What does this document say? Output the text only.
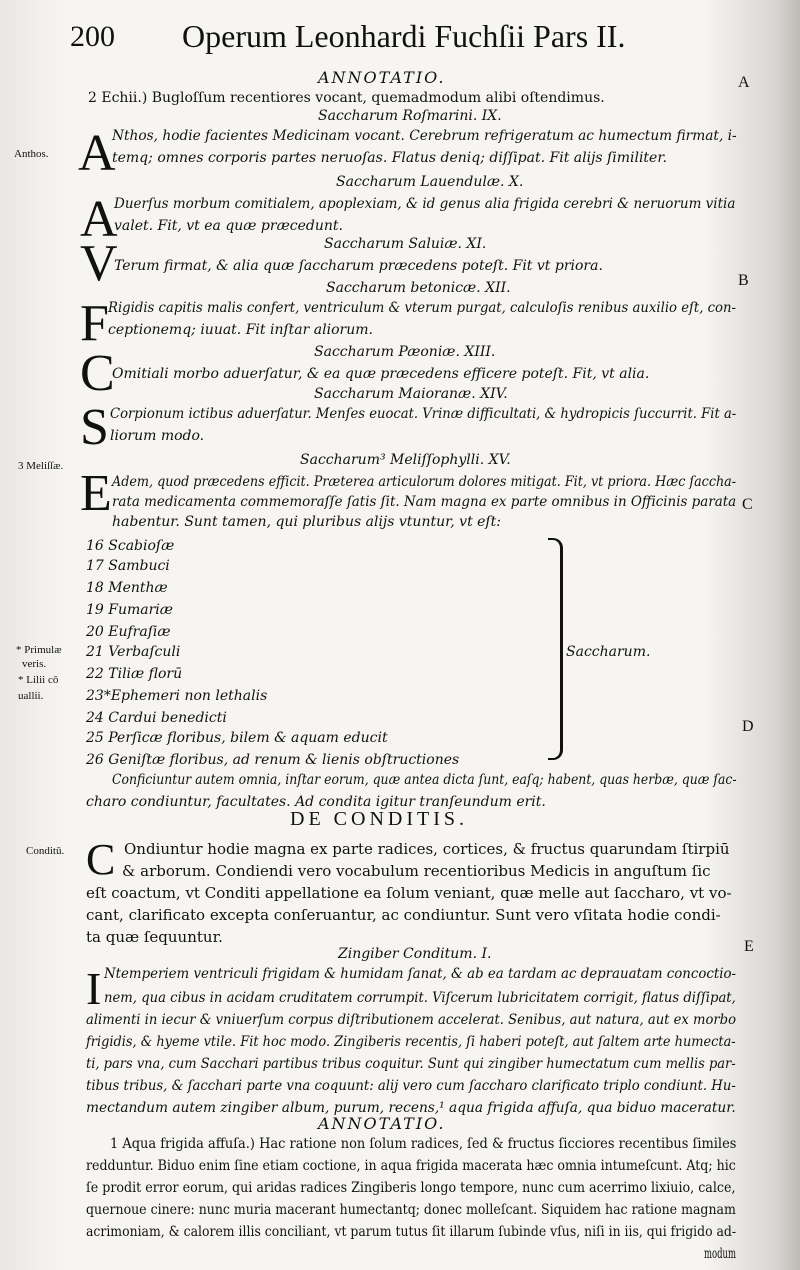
200 Operum Leonhardi Fuchſii Pars II.
A
B
C
D
E
Anthos.
3 Meliſſæ.
* Primulæ
veris.
* Lilii cō
uallii.
Conditū.
ANNOTATIO.
2 Echii.) Bugloſſum recentiores vocant, quemadmodum alibi oſtendimus.
Saccharum Roſmarini. IX.
A
Nthos, hodie facientes Medicinam vocant. Cerebrum refrigeratum ac humectum firmat, i-
temq; omnes corporis partes neruoſas. Flatus deniq; diſſipat. Fit alijs ſimiliter.
Saccharum Lauendulæ. X.
A
Duerſus morbum comitialem, apoplexiam, & id genus alia frigida cerebri & neruorum vitia
valet. Fit, vt ea quæ præcedunt.
Saccharum Saluiæ. XI.
V
Terum firmat, & alia quæ ſaccharum præcedens poteſt. Fit vt priora.
Saccharum betonicæ. XII.
F Rigidis capitis malis confert, ventriculum & vterum purgat, calculoſis renibus auxilio eſt, con-
ceptionemq; iuuat. Fit inſtar aliorum.
Saccharum Pæoniæ. XIII.
C
Omitiali morbo aduerſatur, & ea quæ præcedens efficere poteſt. Fit, vt alia.
Saccharum Maioranæ. XIV.
S Corpionum ictibus aduerſatur. Menſes euocat. Vrinæ difficultati, & hydropicis ſuccurrit. Fit a-
liorum modo.
Saccharum³ Meliſſophylli. XV.
E Adem, quod præcedens efficit. Præterea articulorum dolores mitigat. Fit, vt priora. Hæc ſaccha-
rata medicamenta commemoraſſe ſatis ſit. Nam magna ex parte omnibus in Officinis parata
habentur. Sunt tamen, qui pluribus alijs vtuntur, vt eſt:
16 Scabioſæ
17 Sambuci
18 Menthæ
19 Fumariæ
20 Eufraſiæ
21 Verbaſculi
22 Tiliæ florū
23*Ephemeri non lethalis
24 Cardui benedicti
25 Perſicæ floribus, bilem & aquam educit
26 Geniſtæ floribus, ad renum & lienis obſtructiones
Saccharum.
Conficiuntur autem omnia, inſtar eorum, quæ antea dicta ſunt, eaſq; habent, quas herbæ, quæ ſac-
charo condiuntur, facultates. Ad condita igitur tranſeundum erit.
DE CONDITIS.
C Ondiuntur hodie magna ex parte radices, cortices, & fructus quarundam ſtirpiū
& arborum. Condiendi vero vocabulum recentioribus Medicis in anguſtum ſic
eſt coactum, vt Conditi appellatione ea ſolum veniant, quæ melle aut ſaccharo, vt vo-
cant, clarificato excepta conſeruantur, ac condiuntur. Sunt vero vſitata hodie condi-
ta quæ ſequuntur.
Zingiber Conditum. I.
I Ntemperiem ventriculi frigidam & humidam ſanat, & ab ea tardam ac deprauatam concoctio-
nem, qua cibus in acidam cruditatem corrumpit. Viſcerum lubricitatem corrigit, flatus diſſipat,
alimenti in iecur & vniuerſum corpus diſtributionem accelerat. Senibus, aut natura, aut ex morbo
frigidis, & hyeme vtile. Fit hoc modo. Zingiberis recentis, ſi haberi poteſt, aut ſaltem arte humecta-
ti, pars vna, cum Sacchari partibus tribus coquitur. Sunt qui zingiber humectatum cum mellis par-
tibus tribus, & ſacchari parte vna coquunt: alij vero cum ſaccharo clarificato triplo condiunt. Hu-
mectandum autem zingiber album, purum, recens,¹ aqua frigida affuſa, qua biduo maceratur.
ANNOTATIO.
1 Aqua frigida affuſa.) Hac ratione non ſolum radices, ſed & fructus ſicciores recentibus ſimiles
redduntur. Biduo enim ſine etiam coctione, in aqua frigida macerata hæc omnia intumeſcunt. Atq; hic
ſe prodit error eorum, qui aridas radices Zingiberis longo tempore, nunc cum acerrimo lixiuio, calce,
quernoue cinere: nunc muria macerant humectantq; donec molleſcant. Siquidem hac ratione magnam
acrimoniam, & calorem illis conciliant, vt parum tutus ſit illarum ſubinde vſus, niſi in iis, qui frigido ad-
modum
